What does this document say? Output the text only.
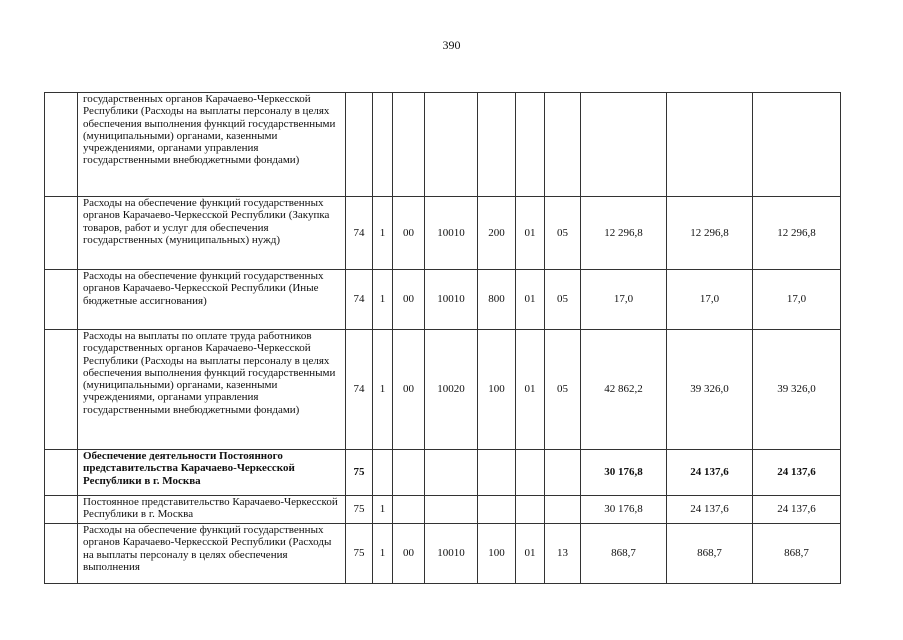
390
	государственных органов Карачаево-Черкесской Республики (Расходы на выплаты персоналу в целях обеспечения выполнения функций государственными (муниципальными) органами, казенными учреждениями, органами управления государственными внебюджетными фондами)										
	Расходы на обеспечение функций государственных органов Карачаево-Черкесской Республики (Закупка товаров, работ и услуг для обеспечения государственных (муниципальных) нужд)	74	1	00	10010	200	01	05	12 296,8	12 296,8	12 296,8
	Расходы на обеспечение функций государственных органов Карачаево-Черкесской Республики (Иные бюджетные ассигнования)	74	1	00	10010	800	01	05	17,0	17,0	17,0
	Расходы на выплаты по оплате труда работников государственных органов Карачаево-Черкесской Республики (Расходы на выплаты персоналу в целях обеспечения выполнения функций государственными (муниципальными) органами, казенными учреждениями, органами управления государственными внебюджетными фондами)	74	1	00	10020	100	01	05	42 862,2	39 326,0	39 326,0
	Обеспечение деятельности Постоянного представительства Карачаево-Черкесской Республики в г. Москва	75							30 176,8	24 137,6	24 137,6
	Постоянное представительство Карачаево-Черкесской Республики в г. Москва	75	1						30 176,8	24 137,6	24 137,6
	Расходы на обеспечение функций государственных органов Карачаево-Черкесской Республики (Расходы на выплаты персоналу в целях обеспечения выполнения	75	1	00	10010	100	01	13	868,7	868,7	868,7
